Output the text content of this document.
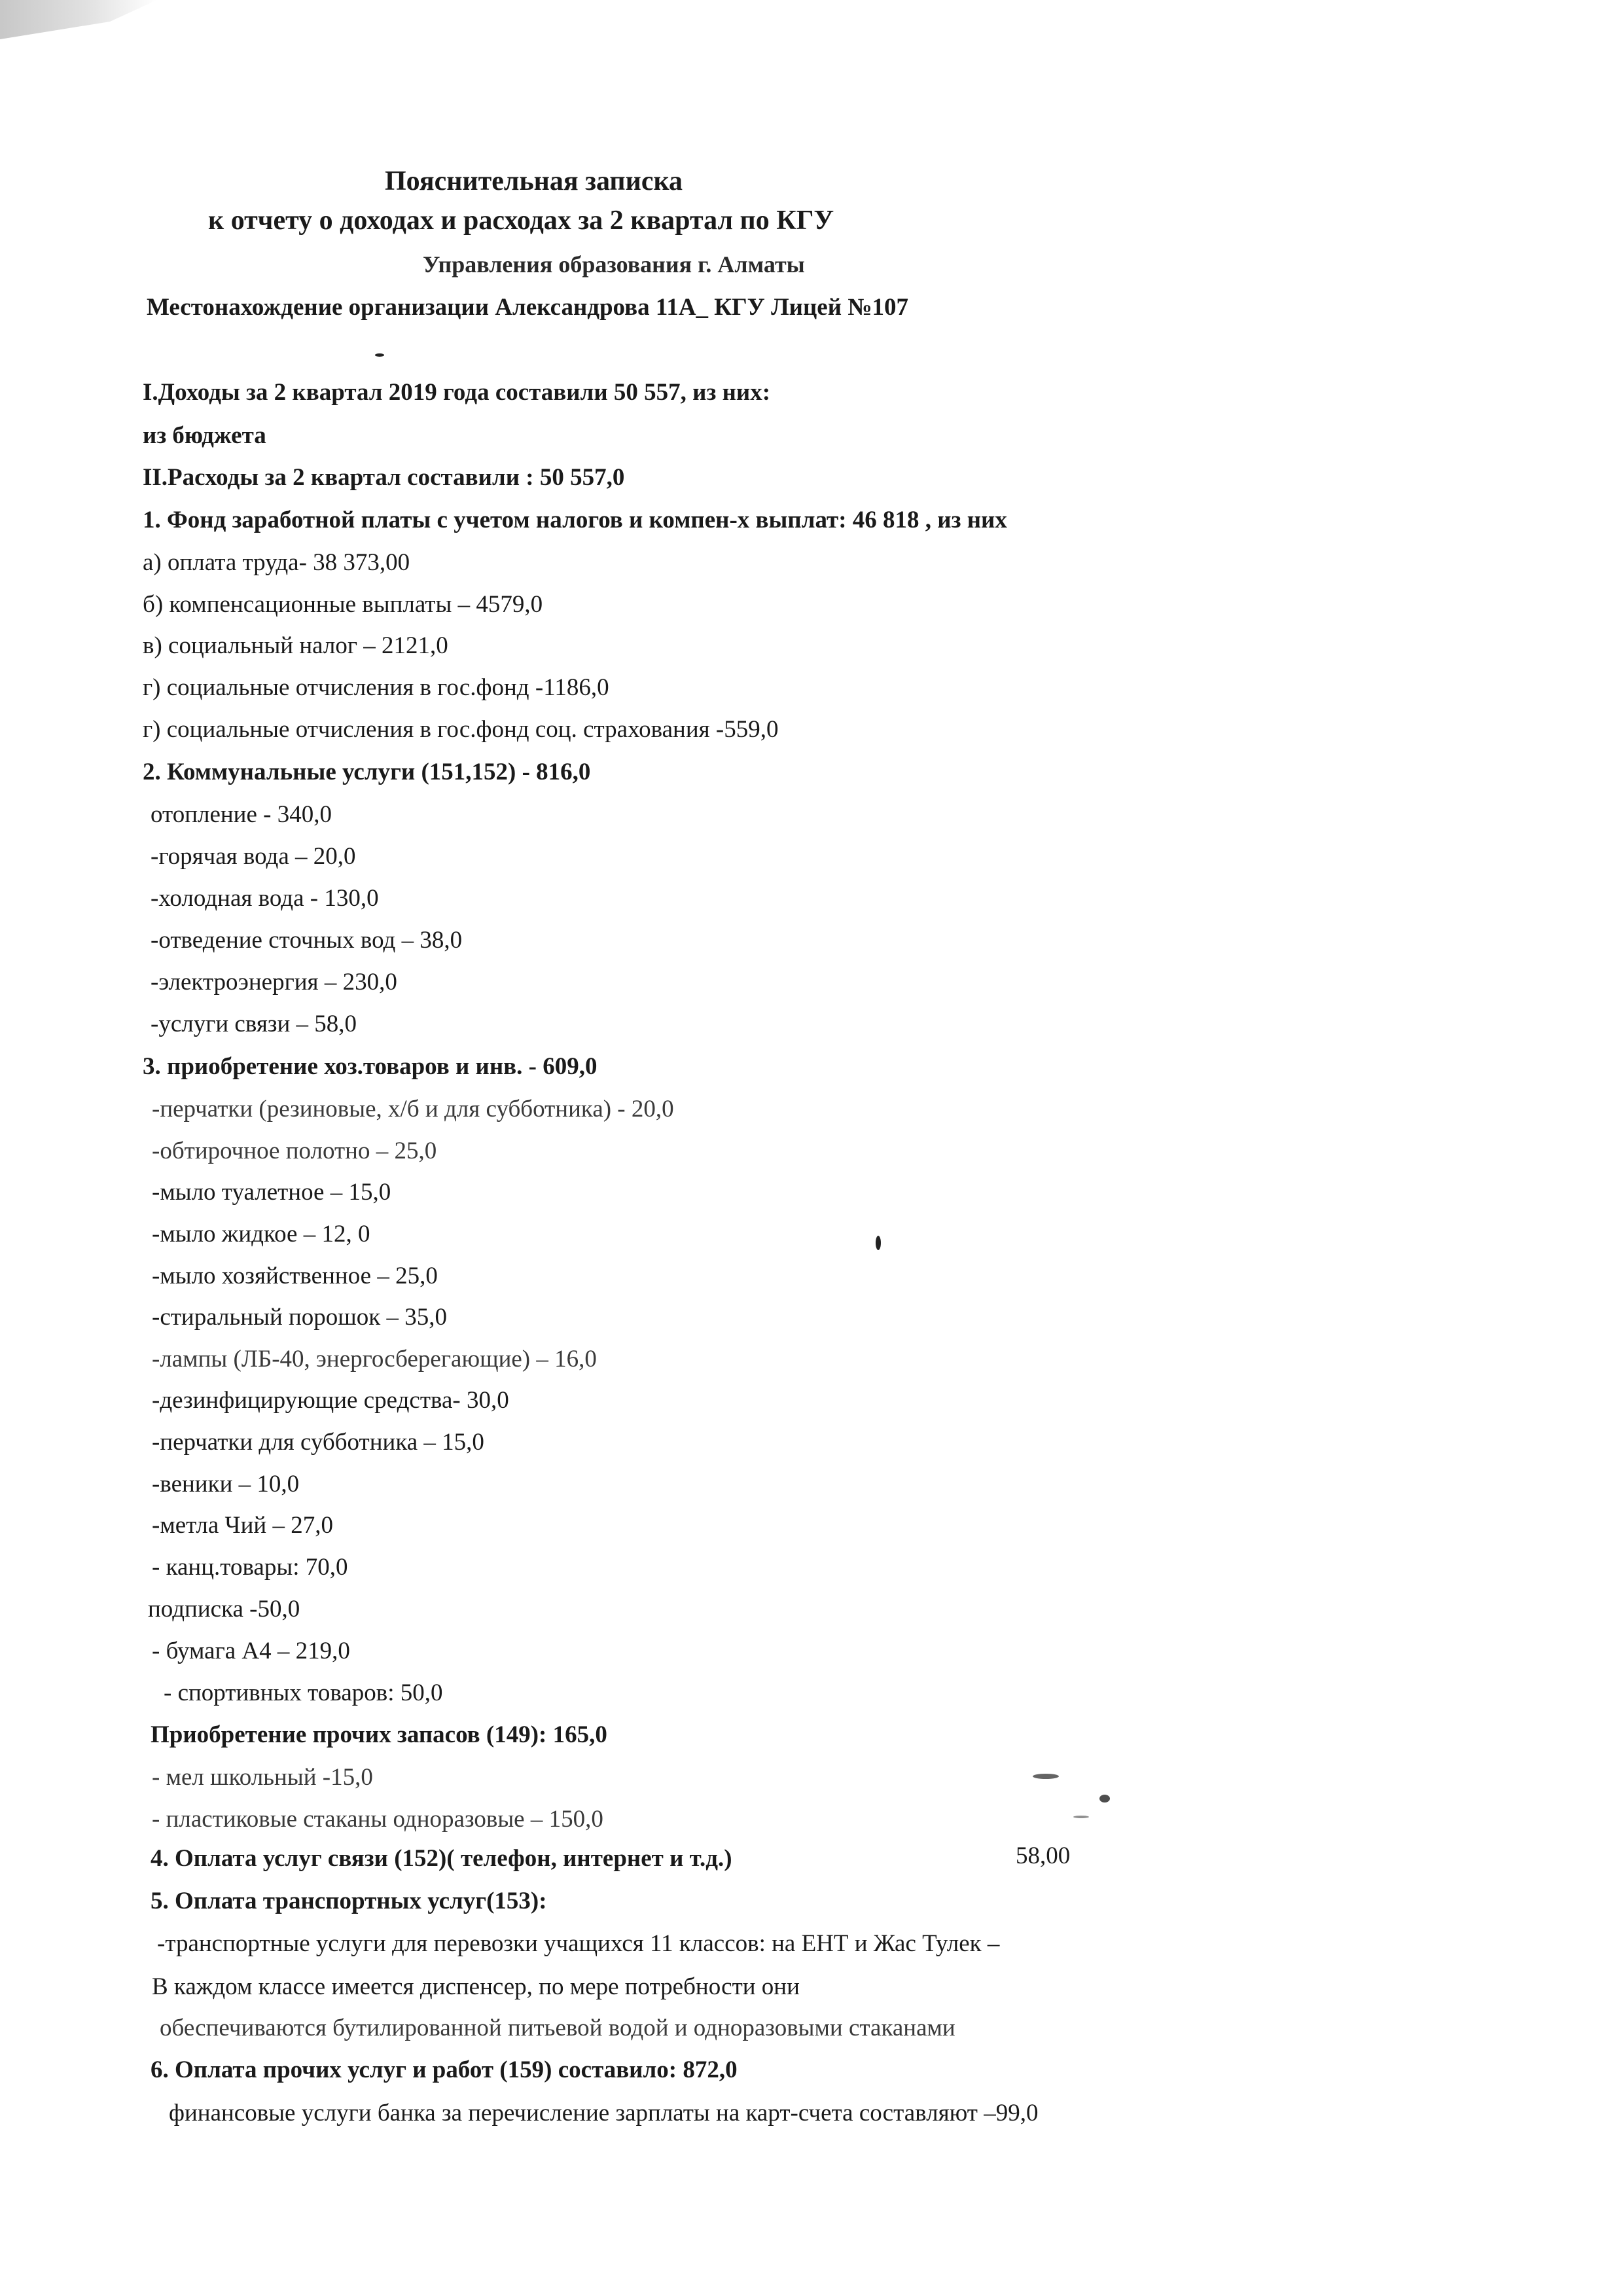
Пояснительная записка
к отчету о доходах и расходах за 2 квартал по КГУ
Управления образования г. Алматы
Местонахождение организации Александрова 11А_ КГУ Лицей №107
I.Доходы за 2 квартал 2019 года составили 50 557, из них:
из бюджета
II.Расходы за 2 квартал составили : 50 557,0
1. Фонд заработной платы с учетом налогов и компен-х выплат: 46 818 , из них
а) оплата труда- 38 373,00
б) компенсационные выплаты – 4579,0
в) социальный налог – 2121,0
г) социальные отчисления в гос.фонд -1186,0
г) социальные отчисления в гос.фонд соц. страхования -559,0
2. Коммунальные услуги (151,152) - 816,0
отопление - 340,0
-горячая вода – 20,0
-холодная вода - 130,0
-отведение сточных вод – 38,0
-электроэнергия – 230,0
-услуги связи – 58,0
3. приобретение хоз.товаров и инв. - 609,0
-перчатки (резиновые, х/б и для субботника) - 20,0
-обтирочное полотно – 25,0
-мыло туалетное – 15,0
-мыло жидкое – 12, 0
-мыло хозяйственное – 25,0
-стиральный порошок – 35,0
-лампы (ЛБ-40, энергосберегающие) – 16,0
-дезинфицирующие средства- 30,0
-перчатки для субботника – 15,0
-веники – 10,0
-метла Чий – 27,0
- канц.товары: 70,0
подписка -50,0
- бумага А4 – 219,0
- спортивных товаров: 50,0
Приобретение прочих запасов (149): 165,0
- мел школьный -15,0
- пластиковые стаканы одноразовые – 150,0
4. Оплата услуг связи (152)( телефон, интернет и т.д.)	58,00
5. Оплата транспортных услуг(153):
-транспортные услуги для перевозки учащихся 11 классов: на ЕНТ и Жас Тулек –
В каждом классе имеется диспенсер, по мере потребности они
обеспечиваются бутилированной питьевой водой и одноразовыми стаканами
6. Оплата прочих услуг и работ (159) составило: 872,0
финансовые услуги банка за перечисление зарплаты на карт-счета составляют –99,0
